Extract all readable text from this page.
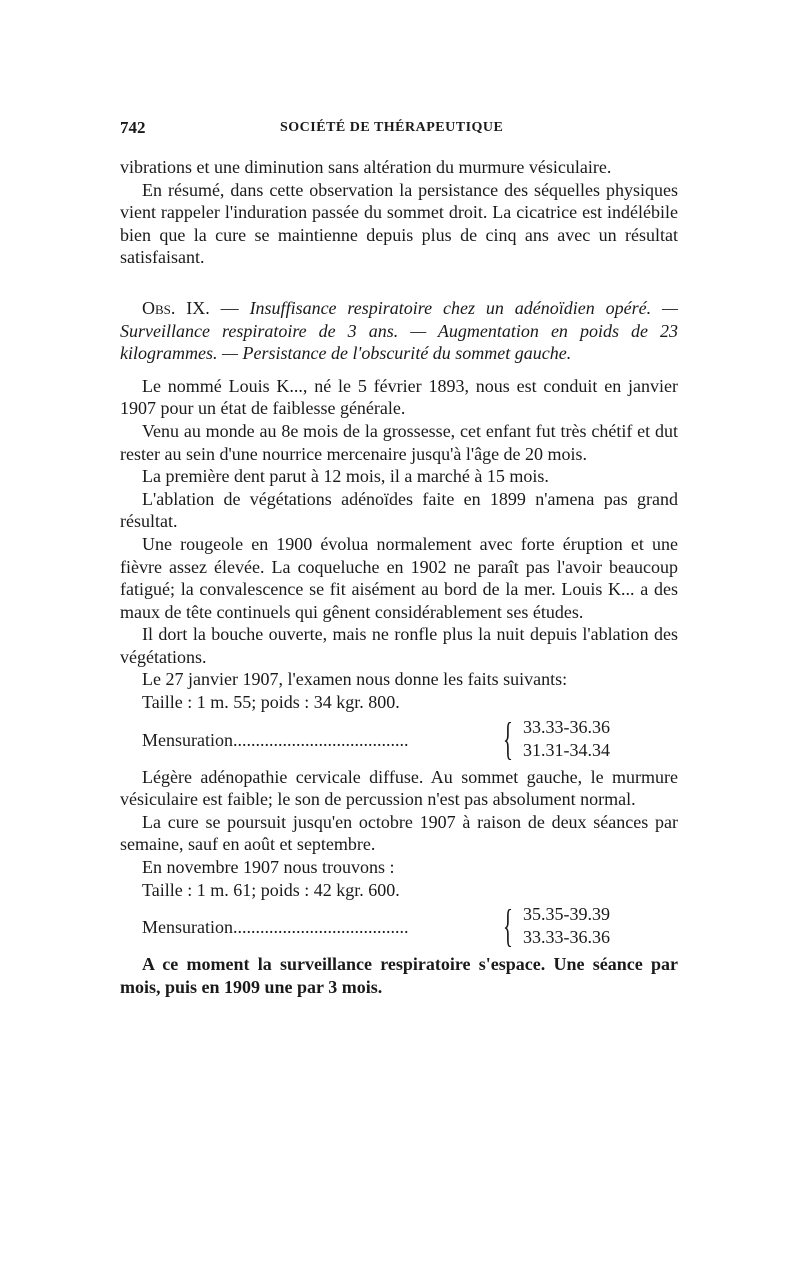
742	SOCIÉTÉ DE THÉRAPEUTIQUE

vibrations et une diminution sans altération du murmure vésiculaire.

En résumé, dans cette observation la persistance des séquelles physiques vient rappeler l'induration passée du sommet droit. La cicatrice est indélébile bien que la cure se maintienne depuis plus de cinq ans avec un résultat satisfaisant.

Obs. IX. — Insuffisance respiratoire chez un adénoïdien opéré. — Surveillance respiratoire de 3 ans. — Augmentation en poids de 23 kilogrammes. — Persistance de l'obscurité du sommet gauche.

Le nommé Louis K..., né le 5 février 1893, nous est conduit en janvier 1907 pour un état de faiblesse générale.

Venu au monde au 8e mois de la grossesse, cet enfant fut très chétif et dut rester au sein d'une nourrice mercenaire jusqu'à l'âge de 20 mois.

La première dent parut à 12 mois, il a marché à 15 mois.

L'ablation de végétations adénoïdes faite en 1899 n'amena pas grand résultat.

Une rougeole en 1900 évolua normalement avec forte éruption et une fièvre assez élevée. La coqueluche en 1902 ne paraît pas l'avoir beaucoup fatigué; la convalescence se fit aisément au bord de la mer. Louis K... a des maux de tête continuels qui gênent considérablement ses études.

Il dort la bouche ouverte, mais ne ronfle plus la nuit depuis l'ablation des végétations.

Le 27 janvier 1907, l'examen nous donne les faits suivants:

Taille : 1 m. 55; poids : 34 kgr. 800.

Mensuration.......................................	{ 33.33-36.36
31.31-34.34

Légère adénopathie cervicale diffuse. Au sommet gauche, le murmure vésiculaire est faible; le son de percussion n'est pas absolument normal.

La cure se poursuit jusqu'en octobre 1907 à raison de deux séances par semaine, sauf en août et septembre.

En novembre 1907 nous trouvons :

Taille : 1 m. 61; poids : 42 kgr. 600.

Mensuration.......................................	{ 35.35-39.39
33.33-36.36

A ce moment la surveillance respiratoire s'espace. Une séance par mois, puis en 1909 une par 3 mois.
